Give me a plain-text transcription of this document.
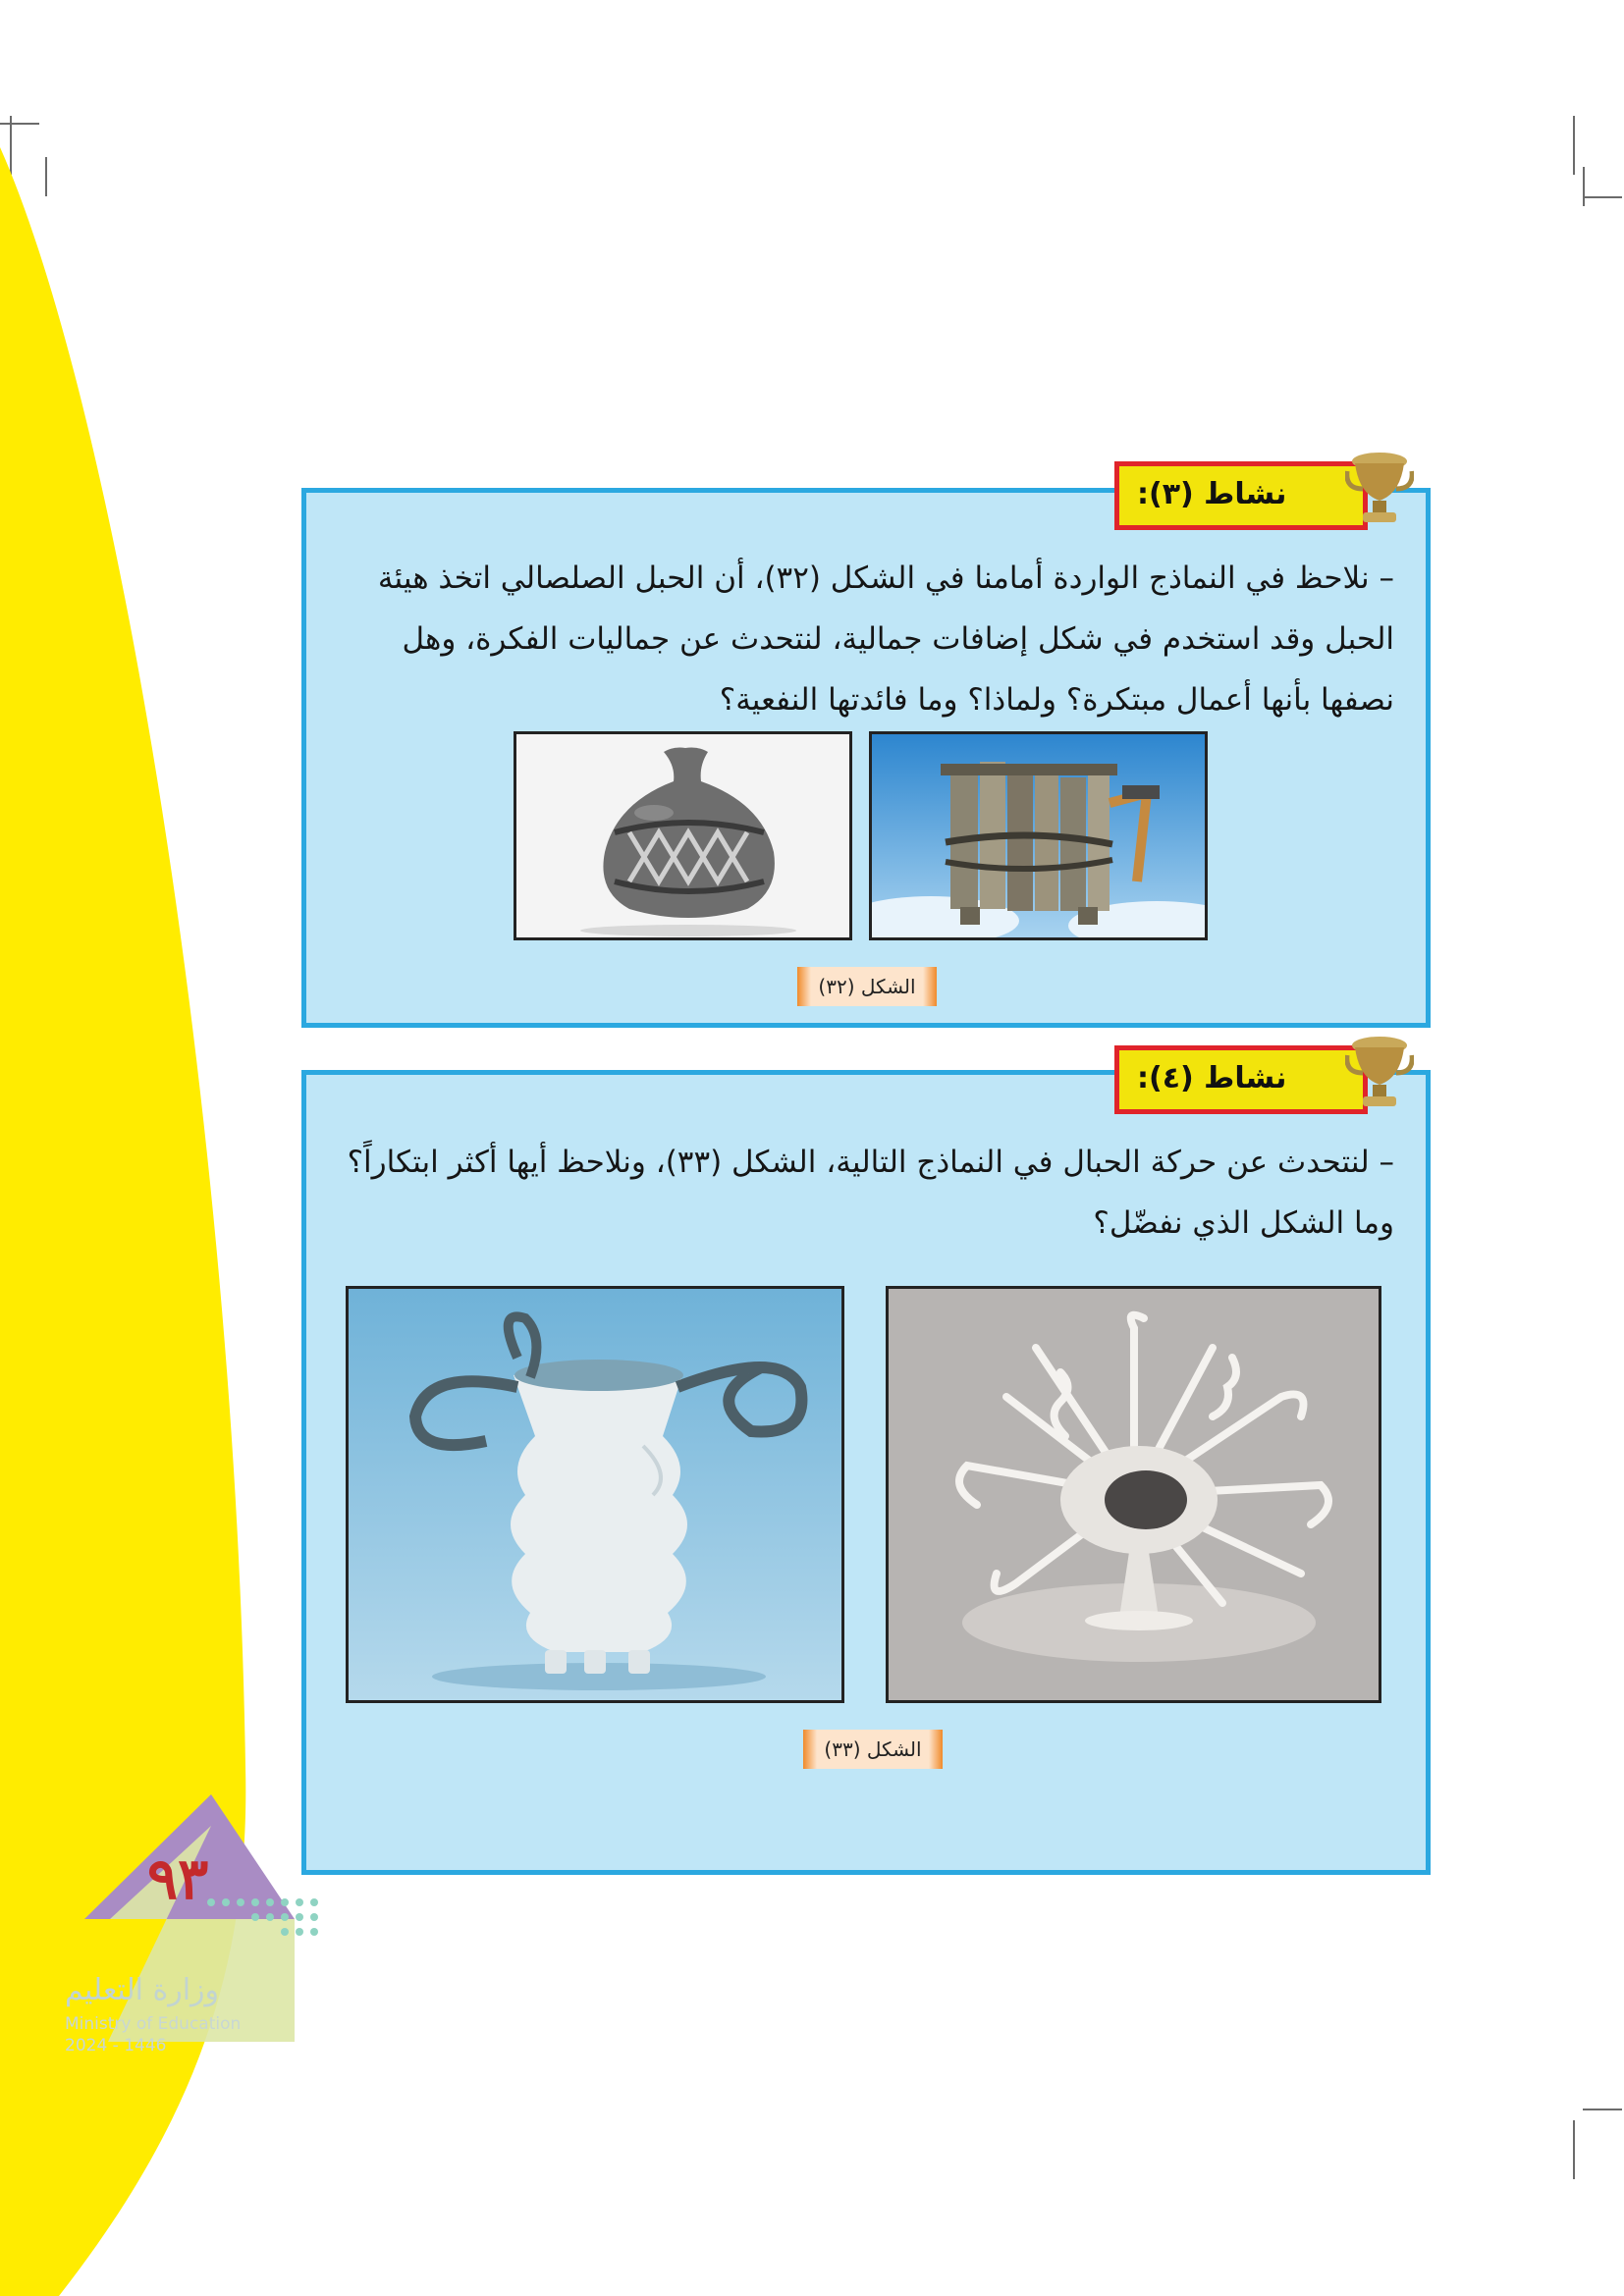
٩٣
وزارة التعليم
Ministry of Education
2024 - 1446
نشاط (٣):
– نلاحظ في النماذج الواردة أمامنا في الشكل (٣٢)، أن الحبل الصلصالي اتخذ هيئة الحبل وقد استخدم في شكل إضافات جمالية، لنتحدث عن جماليات الفكرة، وهل نصفها بأنها أعمال مبتكرة؟ ولماذا؟ وما فائدتها النفعية؟
الشكل (٣٢)
نشاط (٤):
– لنتحدث عن حركة الحبال في النماذج التالية، الشكل (٣٣)، ونلاحظ أيها أكثر ابتكاراً؟ وما الشكل الذي نفضّل؟
الشكل (٣٣)
